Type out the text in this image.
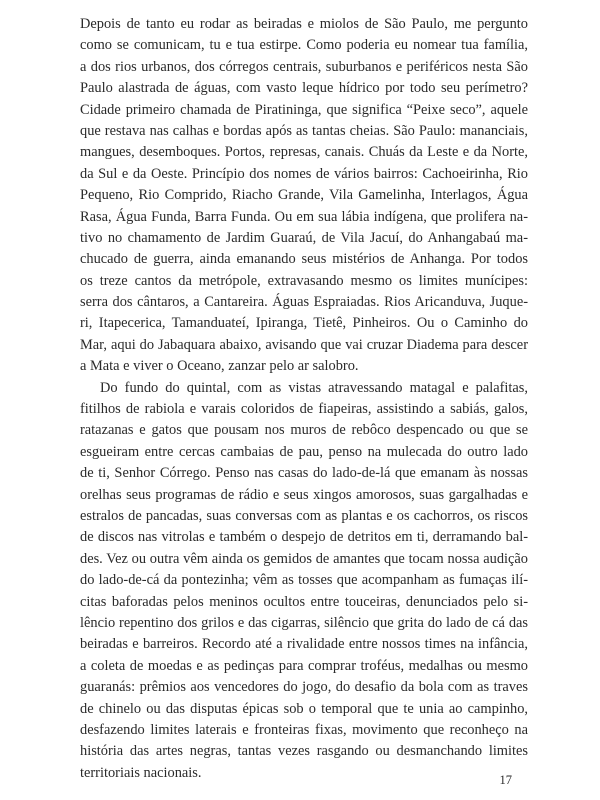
Depois de tanto eu rodar as beiradas e miolos de São Paulo, me pergunto
como se comunicam, tu e tua estirpe. Como poderia eu nomear tua família,
a dos rios urbanos, dos córregos centrais, suburbanos e periféricos nesta São
Paulo alastrada de águas, com vasto leque hídrico por todo seu perímetro?
Cidade primeiro chamada de Piratininga, que significa “Peixe seco”, aquele
que restava nas calhas e bordas após as tantas cheias. São Paulo: mananciais,
mangues, desemboques. Portos, represas, canais. Chuás da Leste e da Norte,
da Sul e da Oeste. Princípio dos nomes de vários bairros: Cachoeirinha, Rio
Pequeno, Rio Comprido, Riacho Grande, Vila Gamelinha, Interlagos, Água
Rasa, Água Funda, Barra Funda. Ou em sua lábia indígena, que prolifera na-
tivo no chamamento de Jardim Guaraú, de Vila Jacuí, do Anhangabaú ma-
chucado de guerra, ainda emanando seus mistérios de Anhanga. Por todos
os treze cantos da metrópole, extravasando mesmo os limites munícipes:
serra dos cântaros, a Cantareira. Águas Espraiadas. Rios Aricanduva, Juque-
ri, Itapecerica, Tamanduateí, Ipiranga, Tietê, Pinheiros. Ou o Caminho do
Mar, aqui do Jabaquara abaixo, avisando que vai cruzar Diadema para descer
a Mata e viver o Oceano, zanzar pelo ar salobro.

Do fundo do quintal, com as vistas atravessando matagal e palafitas,
fitilhos de rabiola e varais coloridos de fiapeiras, assistindo a sabiás, galos,
ratazanas e gatos que pousam nos muros de rebôco despencado ou que se
esgueiram entre cercas cambaias de pau, penso na mulecada do outro lado
de ti, Senhor Córrego. Penso nas casas do lado-de-lá que emanam às nossas
orelhas seus programas de rádio e seus xingos amorosos, suas gargalhadas e
estralos de pancadas, suas conversas com as plantas e os cachorros, os riscos
de discos nas vitrolas e também o despejo de detritos em ti, derramando bal-
des. Vez ou outra vêm ainda os gemidos de amantes que tocam nossa audição
do lado-de-cá da pontezinha; vêm as tosses que acompanham as fumaças ilí-
citas baforadas pelos meninos ocultos entre touceiras, denunciados pelo si-
lêncio repentino dos grilos e das cigarras, silêncio que grita do lado de cá das
beiradas e barreiros. Recordo até a rivalidade entre nossos times na infância,
a coleta de moedas e as pedinças para comprar troféus, medalhas ou mesmo
guaranás: prêmios aos vencedores do jogo, do desafio da bola com as traves
de chinelo ou das disputas épicas sob o temporal que te unia ao campinho,
desfazendo limites laterais e fronteiras fixas, movimento que reconheço na
história das artes negras, tantas vezes rasgando ou desmanchando limites
territoriais nacionais.	17
